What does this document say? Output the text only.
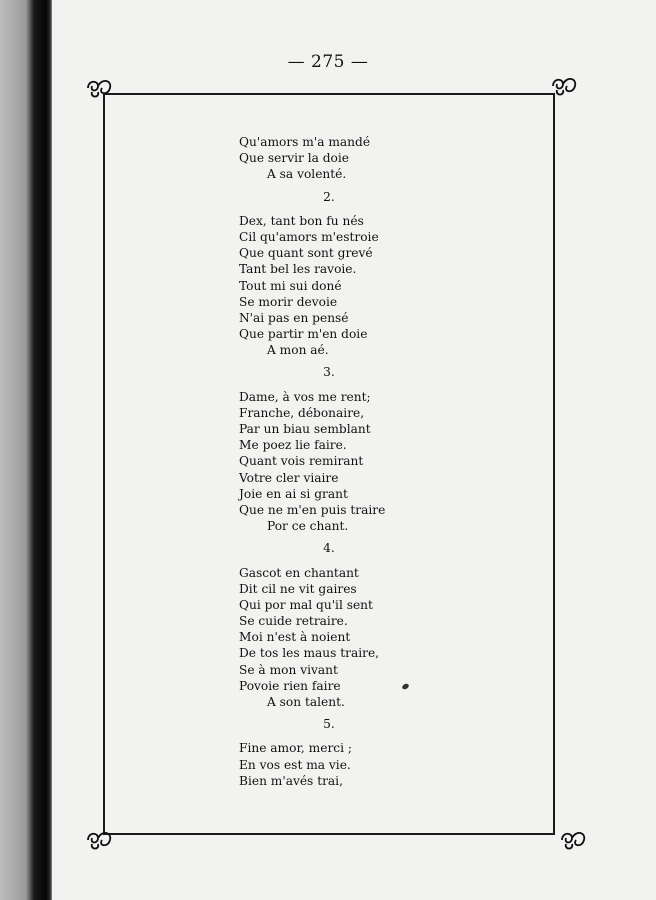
— 275 —
Qu'amors m'a mandé
Que servir la doie
A sa volenté.
2.
Dex, tant bon fu nés
Cil qu'amors m'estroie
Que quant sont grevé
Tant bel les ravoie.
Tout mi sui doné
Se morir devoie
N'ai pas en pensé
Que partir m'en doie
A mon aé.
3.
Dame, à vos me rent;
Franche, débonaire,
Par un biau semblant
Me poez lie faire.
Quant vois remirant
Votre cler viaire
Joie en ai si grant
Que ne m'en puis traire
Por ce chant.
4.
Gascot en chantant
Dit cil ne vit gaires
Qui por mal qu'il sent
Se cuide retraire.
Moi n'est à noient
De tos les maus traire,
Se à mon vivant
Povoie rien faire
A son talent.
5.
Fine amor, merci ;
En vos est ma vie.
Bien m'avés trai,
